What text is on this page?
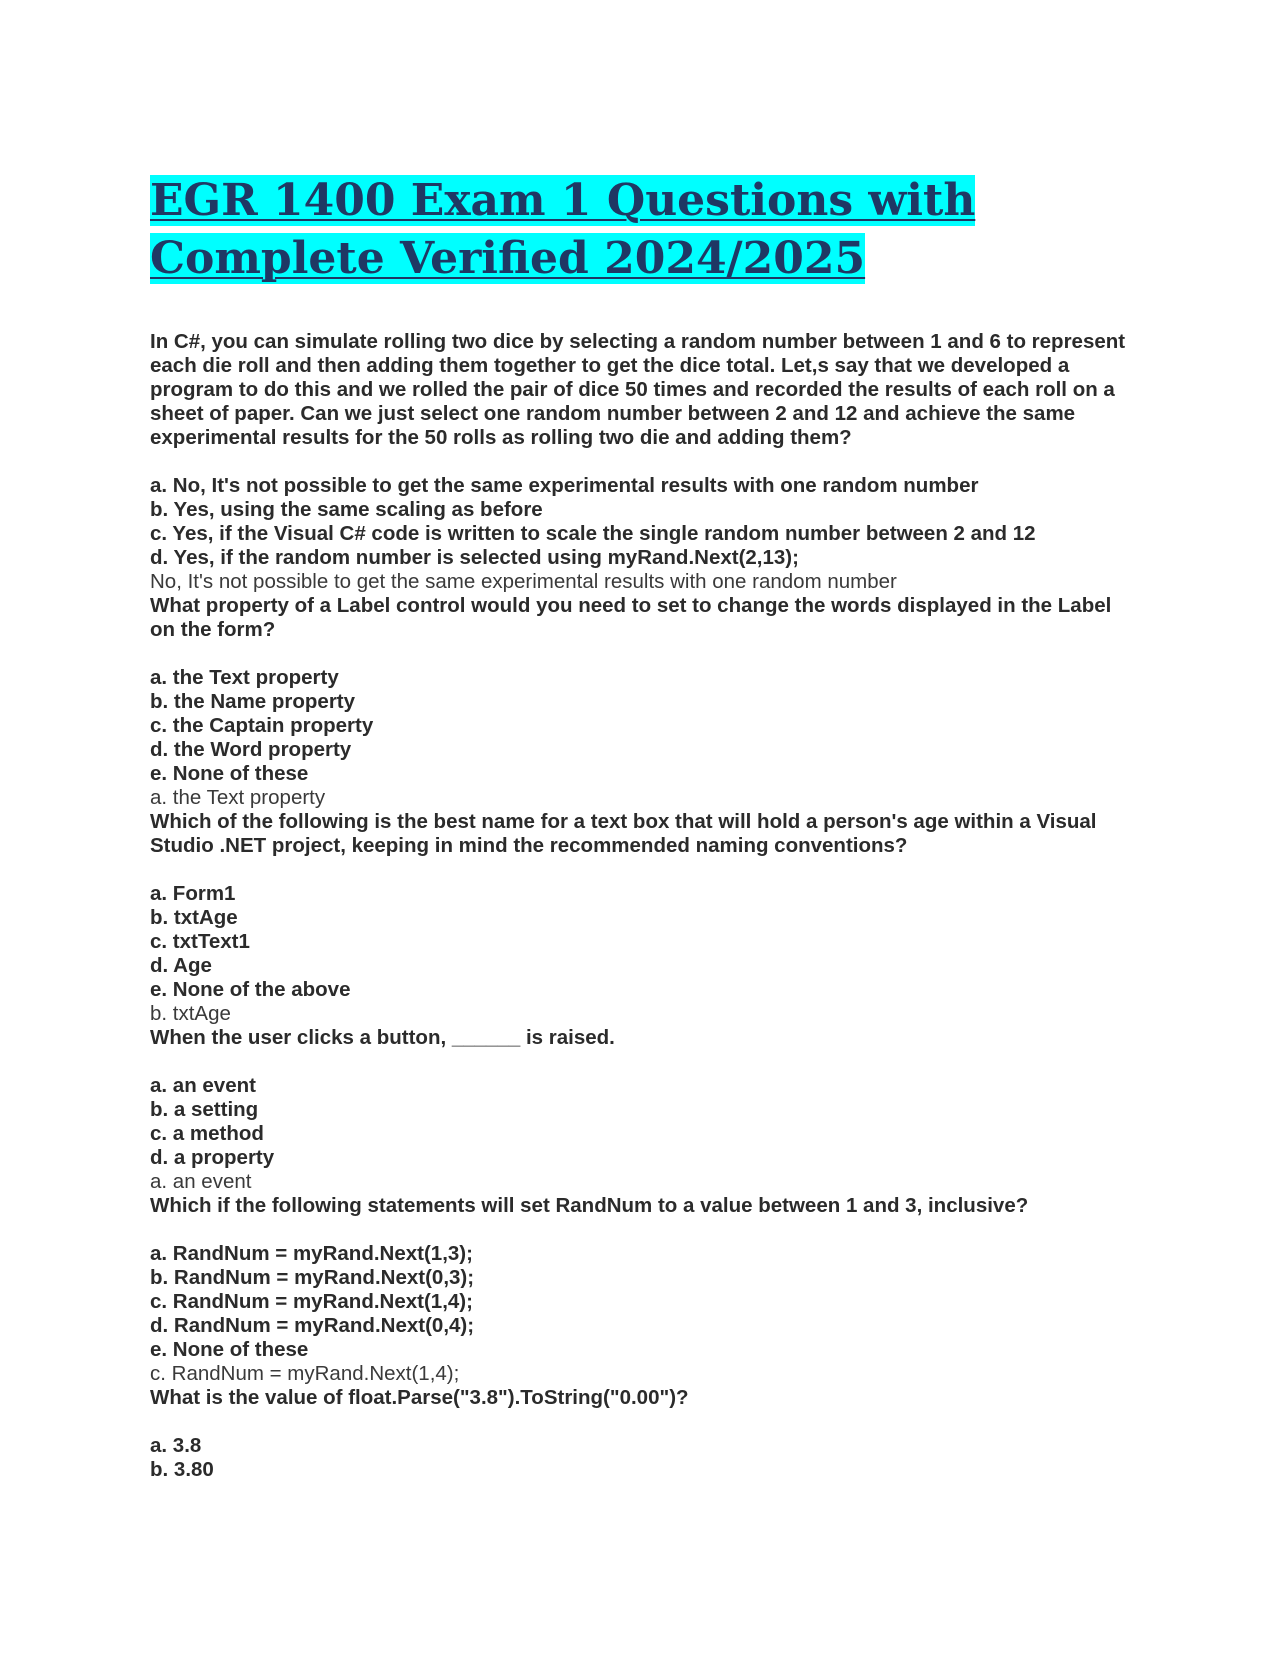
EGR 1400 Exam 1 Questions with
Complete Verified 2024/2025

In C#, you can simulate rolling two dice by selecting a random number between 1 and 6 to represent each die roll and then adding them together to get the dice total. Let,s say that we developed a program to do this and we rolled the pair of dice 50 times and recorded the results of each roll on a sheet of paper. Can we just select one random number between 2 and 12 and achieve the same experimental results for the 50 rolls as rolling two die and adding them?

a. No, It's not possible to get the same experimental results with one random number
b. Yes, using the same scaling as before
c. Yes, if the Visual C# code is written to scale the single random number between 2 and 12
d. Yes, if the random number is selected using myRand.Next(2,13);

No, It's not possible to get the same experimental results with one random number

What property of a Label control would you need to set to change the words displayed in the Label on the form?

a. the Text property
b. the Name property
c. the Captain property
d. the Word property
e. None of these

a. the Text property

Which of the following is the best name for a text box that will hold a person's age within a Visual Studio .NET project, keeping in mind the recommended naming conventions?

a. Form1
b. txtAge
c. txtText1
d. Age
e. None of the above

b. txtAge

When the user clicks a button, ______ is raised.

a. an event
b. a setting
c. a method
d. a property

a. an event

Which if the following statements will set RandNum to a value between 1 and 3, inclusive?

a. RandNum = myRand.Next(1,3);
b. RandNum = myRand.Next(0,3);
c. RandNum = myRand.Next(1,4);
d. RandNum = myRand.Next(0,4);
e. None of these

c. RandNum = myRand.Next(1,4);

What is the value of float.Parse("3.8").ToString("0.00")?

a. 3.8
b. 3.80
